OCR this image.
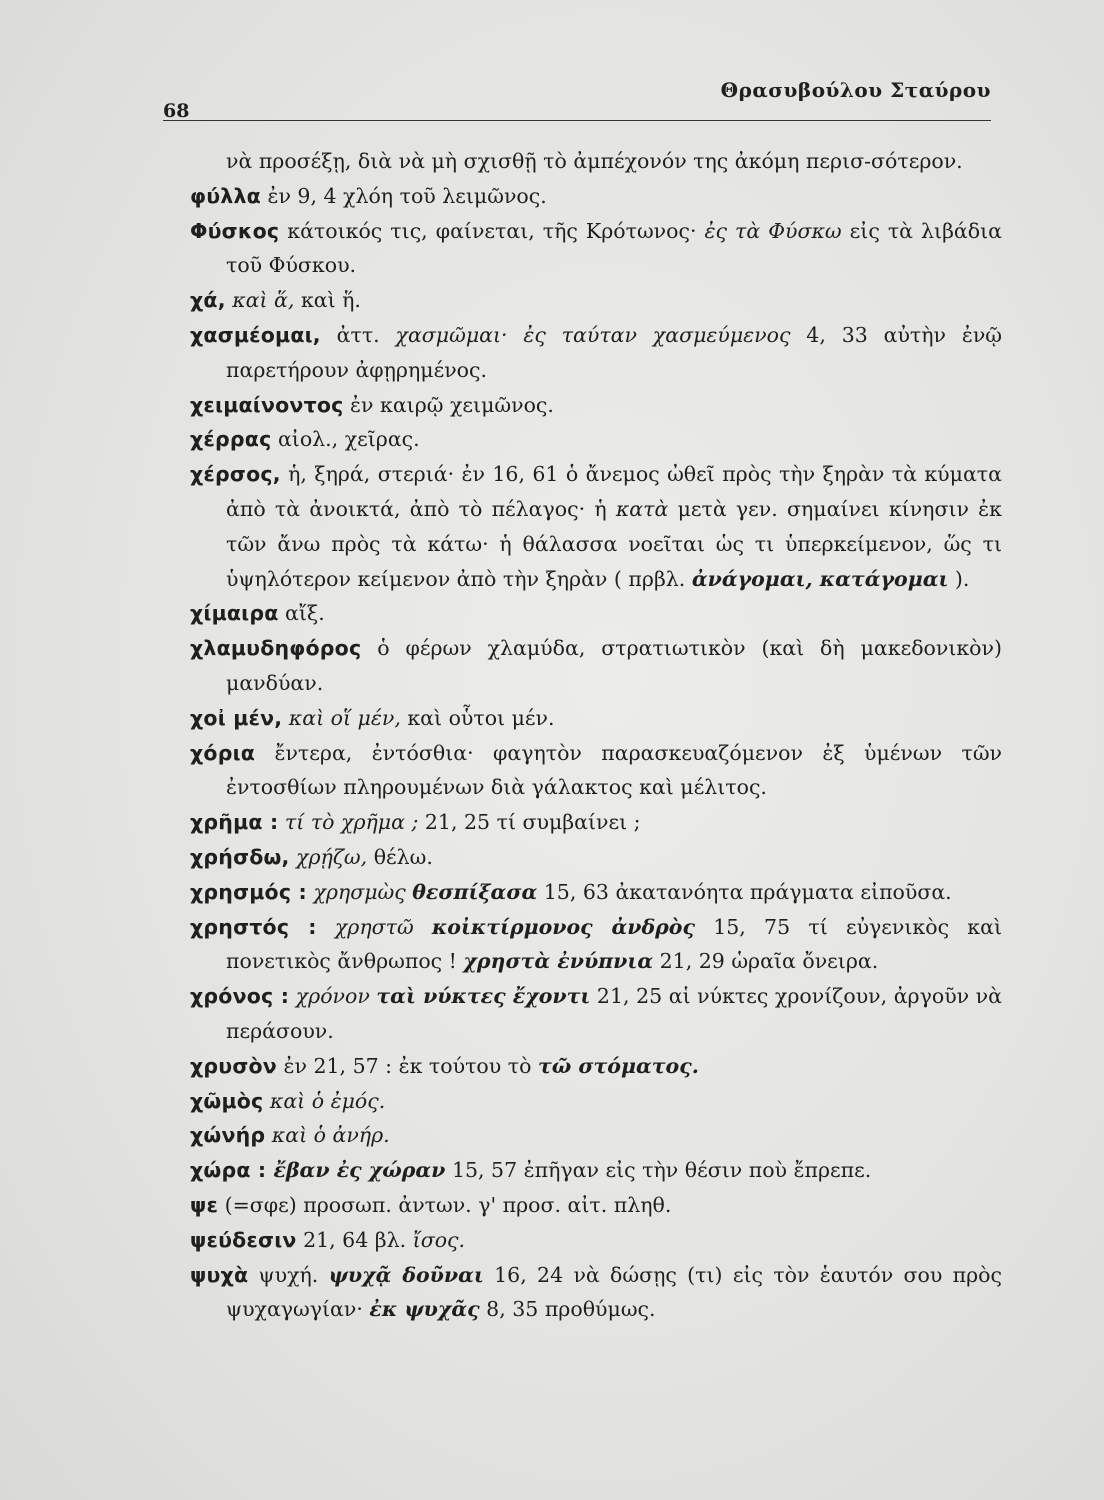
68
Θρασυβούλου Σταύρου
νὰ προσέξῃ, διὰ νὰ μὴ σχισθῇ τὸ ἀμπέχονόν της ἀκόμη περισ-σότερον.
φύλλα ἐν 9, 4 χλόη τοῦ λειμῶνος.
Φύσκος κάτοικός τις, φαίνεται, τῆς Κρότωνος· ἐς τὰ Φύσκω εἰς τὰ λιβάδια τοῦ Φύσκου.
χά, καὶ ἅ, καὶ ἥ.
χασμέομαι, ἀττ. χασμῶμαι· ἐς ταύταν χασμεύμενος 4, 33 αὐτὴν ἐνῷ παρετήρουν ἀφῃρημένος.
χειμαίνοντος ἐν καιρῷ χειμῶνος.
χέρρας αἰολ., χεῖρας.
χέρσος, ἡ, ξηρά, στεριά· ἐν 16, 61 ὁ ἄνεμος ὠθεῖ πρὸς τὴν ξηρὰν τὰ κύματα ἀπὸ τὰ ἀνοικτά, ἀπὸ τὸ πέλαγος· ἡ κατὰ μετὰ γεν. σημαίνει κίνησιν ἐκ τῶν ἄνω πρὸς τὰ κάτω· ἡ θάλασσα νοεῖται ὡς τι ὑπερκείμενον, ὥς τι ὑψηλότερον κείμενον ἀπὸ τὴν ξηρὰν ( πρβλ. ἀνάγομαι, κατάγομαι ).
χίμαιρα αἴξ.
χλαμυδηφόρος ὁ φέρων χλαμύδα, στρατιωτικὸν (καὶ δὴ μακεδονικὸν) μανδύαν.
χοἰ μέν, καὶ οἵ μέν, καὶ οὗτοι μέν.
χόρια ἔντερα, ἐντόσθια· φαγητὸν παρασκευαζόμενον ἐξ ὑμένων τῶν ἐντοσθίων πληρουμένων διὰ γάλακτος καὶ μέλιτος.
χρῆμα : τί τὸ χρῆμα ; 21, 25 τί συμβαίνει ;
χρήσδω, χρῄζω, θέλω.
χρησμός : χρησμὼς θεσπίξασα 15, 63 ἀκατανόητα πράγματα εἰποῦσα.
χρηστός : χρηστῶ κοἰκτίρμονος ἀνδρὸς 15, 75 τί εὐγενικὸς καὶ πονετικὸς ἄνθρωπος ! χρηστὰ ἐνύπνια 21, 29 ὡραῖα ὄνειρα.
χρόνος : χρόνον ταὶ νύκτες ἔχοντι 21, 25 αἱ νύκτες χρονίζουν, ἀργοῦν νὰ περάσουν.
χρυσὸν ἐν 21, 57 : ἐκ τούτου τὸ τῶ στόματος.
χῶμὸς καὶ ὁ ἐμός.
χώνήρ καὶ ὁ ἀνήρ.
χώρα : ἔβαν ἐς χώραν 15, 57 ἐπῆγαν εἰς τὴν θέσιν ποὺ ἔπρεπε.
ψε (=σφε) προσωπ. ἀντων. γ' προσ. αἰτ. πληθ.
ψεύδεσιν 21, 64 βλ. ἴσος.
ψυχὰ ψυχή. ψυχᾷ δοῦναι 16, 24 νὰ δώσῃς (τι) εἰς τὸν ἑαυτόν σου πρὸς ψυχαγωγίαν· ἐκ ψυχᾶς 8, 35 προθύμως.
